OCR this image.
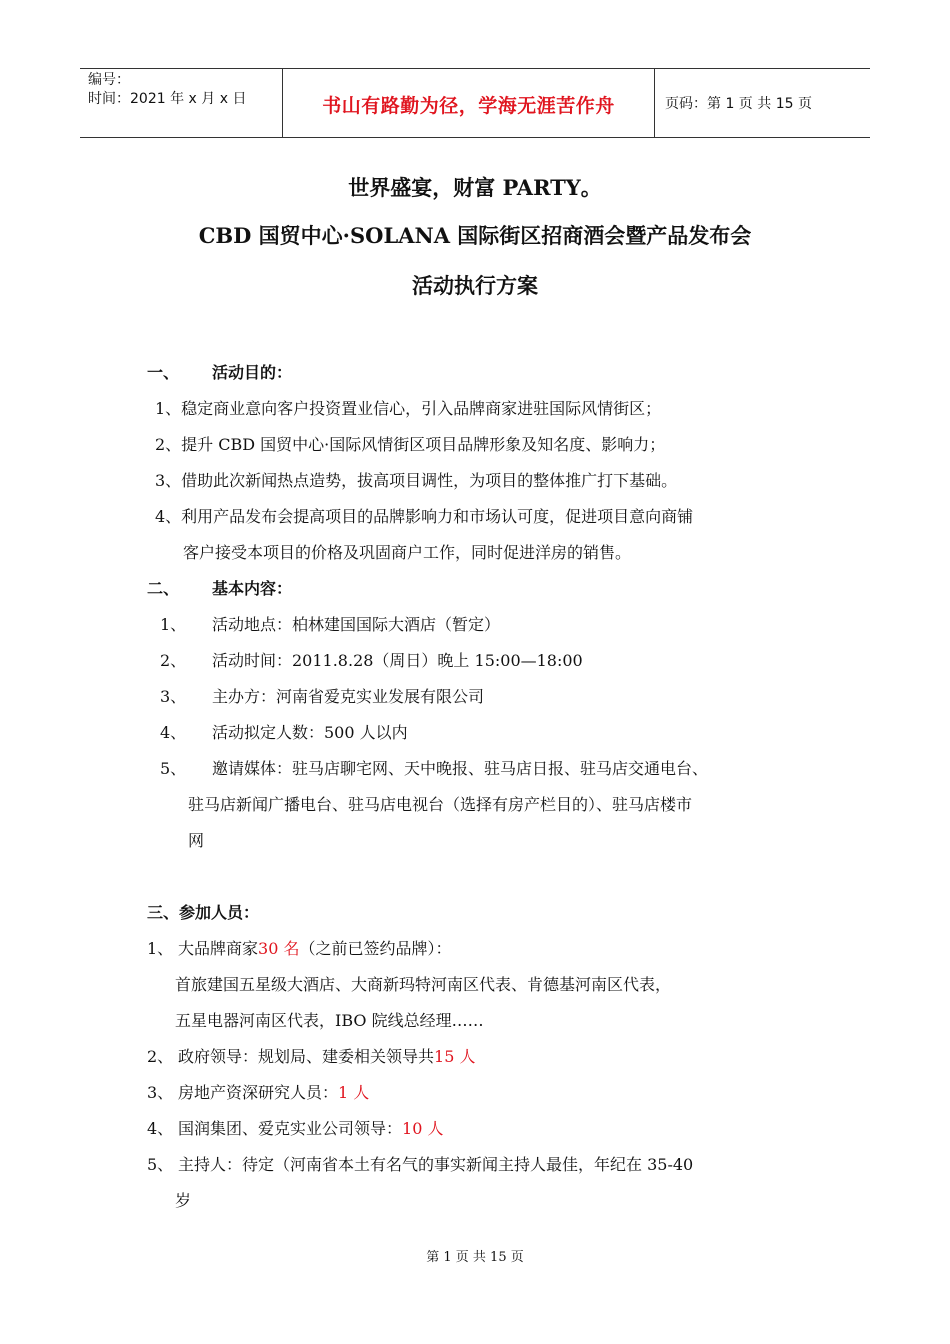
编号：
时间：2021 年 x 月 x 日	书山有路勤为径，学海无涯苦作舟	页码：第 1 页 共 15 页
世界盛宴，财富 PARTY。
CBD 国贸中心·SOLANA 国际街区招商酒会暨产品发布会
活动执行方案
一、 活动目的：
1、稳定商业意向客户投资置业信心，引入品牌商家进驻国际风情街区；
2、提升 CBD 国贸中心·国际风情街区项目品牌形象及知名度、影响力；
3、借助此次新闻热点造势，拔高项目调性，为项目的整体推广打下基础。
4、利用产品发布会提高项目的品牌影响力和市场认可度，促进项目意向商铺
客户接受本项目的价格及巩固商户工作，同时促进洋房的销售。
二、 基本内容：
1、 活动地点：柏林建国国际大酒店（暂定）
2、 活动时间：2011.8.28（周日）晚上 15:00—18:00
3、 主办方：河南省爱克实业发展有限公司
4、 活动拟定人数：500 人以内
5、 邀请媒体：驻马店聊宅网、天中晚报、驻马店日报、驻马店交通电台、
驻马店新闻广播电台、驻马店电视台（选择有房产栏目的）、驻马店楼市
网
三、参加人员：
1、 大品牌商家30 名（之前已签约品牌）：
首旅建国五星级大酒店、大商新玛特河南区代表、肯德基河南区代表，
五星电器河南区代表，IBO 院线总经理……
2、 政府领导：规划局、建委相关领导共15 人
3、 房地产资深研究人员：1 人
4、 国润集团、爱克实业公司领导：10 人
5、 主持人：待定（河南省本土有名气的事实新闻主持人最佳，年纪在 35-40
岁
第 1 页 共 15 页
